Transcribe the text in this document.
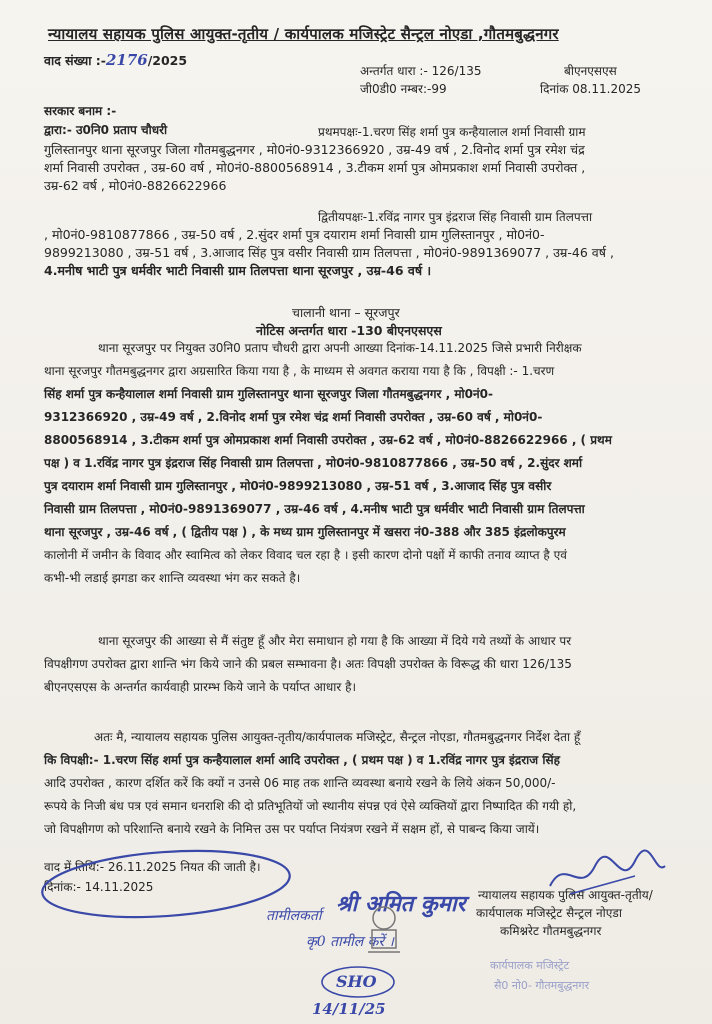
न्यायालय सहायक पुलिस आयुक्त-तृतीय / कार्यपालक मजिस्ट्रेट सैन्ट्रल नोएडा ,गौतमबुद्धनगर
वाद संख्या :-2176/2025
अन्तर्गत धारा :- 126/135	बीएनएसएस
जी0डी0 नम्बर:-99	दिनांक 08.11.2025
सरकार बनाम :-
द्वारा:- उ0नि0 प्रताप चौधरी	प्रथमपक्षः-1.चरण सिंह शर्मा पुत्र कन्हैयालाल शर्मा निवासी ग्राम
गुलिस्तानपुर थाना सूरजपुर जिला गौतमबुद्धनगर , मो0नं0-9312366920 , उम्र-49 वर्ष , 2.विनोद शर्मा पुत्र रमेश चंद्र
शर्मा निवासी उपरोक्त , उम्र-60 वर्ष , मो0नं0-8800568914 , 3.टीकम शर्मा पुत्र ओमप्रकाश शर्मा निवासी उपरोक्त ,
उम्र-62 वर्ष , मो0नं0-8826622966
द्वितीयपक्षः-1.रविंद्र नागर पुत्र इंद्रराज सिंह निवासी ग्राम तिलपत्ता
, मो0नं0-9810877866 , उम्र-50 वर्ष , 2.सुंदर शर्मा पुत्र दयाराम शर्मा निवासी ग्राम गुलिस्तानपुर , मो0नं0-
9899213080 , उम्र-51 वर्ष , 3.आजाद सिंह पुत्र वसीर निवासी ग्राम तिलपत्ता , मो0नं0-9891369077 , उम्र-46 वर्ष ,
4.मनीष भाटी पुत्र धर्मवीर भाटी निवासी ग्राम तिलपत्ता थाना सूरजपुर , उम्र-46 वर्ष ।
चालानी थाना – सूरजपुर
नोटिस अन्तर्गत धारा -130 बीएनएसएस

थाना सूरजपुर पर नियुक्त उ0नि0 प्रताप चौधरी द्वारा अपनी आख्या दिनांक-14.11.2025 जिसे प्रभारी निरीक्षक

थाना सूरजपुर गौतमबुद्धनगर द्वारा अग्रसारित किया गया है , के माध्यम से अवगत कराया गया है कि , विपक्षी :- 1.चरण

सिंह शर्मा पुत्र कन्हैयालाल शर्मा निवासी ग्राम गुलिस्तानपुर थाना सूरजपुर जिला गौतमबुद्धनगर , मो0नं0-

9312366920 , उम्र-49 वर्ष , 2.विनोद शर्मा पुत्र रमेश चंद्र शर्मा निवासी उपरोक्त , उम्र-60 वर्ष , मो0नं0-

8800568914 , 3.टीकम शर्मा पुत्र ओमप्रकाश शर्मा निवासी उपरोक्त , उम्र-62 वर्ष , मो0नं0-8826622966 , ( प्रथम

पक्ष ) व 1.रविंद्र नागर पुत्र इंद्रराज सिंह निवासी ग्राम तिलपत्ता , मो0नं0-9810877866 , उम्र-50 वर्ष , 2.सुंदर शर्मा

पुत्र दयाराम शर्मा निवासी ग्राम गुलिस्तानपुर , मो0नं0-9899213080 , उम्र-51 वर्ष , 3.आजाद सिंह पुत्र वसीर

निवासी ग्राम तिलपत्ता , मो0नं0-9891369077 , उम्र-46 वर्ष , 4.मनीष भाटी पुत्र धर्मवीर भाटी निवासी ग्राम तिलपत्ता

थाना सूरजपुर , उम्र-46 वर्ष , ( द्वितीय पक्ष ) , के मध्य ग्राम गुलिस्तानपुर में खसरा नं0-388 और 385 इंद्रलोकपुरम

कालोनी में जमीन के विवाद और स्वामित्व को लेकर विवाद चल रहा है । इसी कारण दोनो पक्षों में काफी तनाव व्याप्त है एवं

कभी-भी लडाई झगडा कर शान्ति व्यवस्था भंग कर सकते है।

थाना सूरजपुर की आख्या से मैं संतुष्ट हूँ और मेरा समाधान हो गया है कि आख्या में दिये गये तथ्यों के आधार पर

विपक्षीगण उपरोक्त द्वारा शान्ति भंग किये जाने की प्रबल सम्भावना है। अतः विपक्षी उपरोक्त के विरूद्ध की धारा 126/135

बीएनएसएस के अन्तर्गत कार्यवाही प्रारम्भ किये जाने के पर्याप्त आधार है।

अतः मै, न्यायालय सहायक पुलिस आयुक्त-तृतीय/कार्यपालक मजिस्ट्रेट, सैन्ट्रल नोएडा, गौतमबुद्धनगर निर्देश देता हूँ

कि विपक्षी:- 1.चरण सिंह शर्मा पुत्र कन्हैयालाल शर्मा आदि उपरोक्त , ( प्रथम पक्ष ) व 1.रविंद्र नागर पुत्र इंद्रराज सिंह

आदि उपरोक्त , कारण दर्शित करें कि क्यों न उनसे 06 माह तक शान्ति व्यवस्था बनाये रखने के लिये अंकन 50,000/-

रूपये के निजी बंध पत्र एवं समान धनराशि की दो प्रतिभूतियों जो स्थानीय संपन्न एवं ऐसे व्यक्तियों द्वारा निष्पादित की गयी हो,

जो विपक्षीगण को परिशान्ति बनाये रखने के निमित्त उस पर पर्याप्त नियंत्रण रखने में सक्षम हों, से पाबन्द किया जायें।

वाद में तिथि:- 26.11.2025 नियत की जाती है।
दिनांक:- 14.11.2025
तामीलकर्ता श्री अमित कुमार
कृ0 तामील करें ।
न्यायालय सहायक पुलिस आयुक्त-तृतीय/
कार्यपालक मजिस्ट्रेट सैन्ट्रल नोएडा
कमिश्नरेट गौतमबुद्धनगर
कार्यपालक मजिस्ट्रेट
सै0 नो0- गौतमबुद्धनगर
SHO
14/11/25
